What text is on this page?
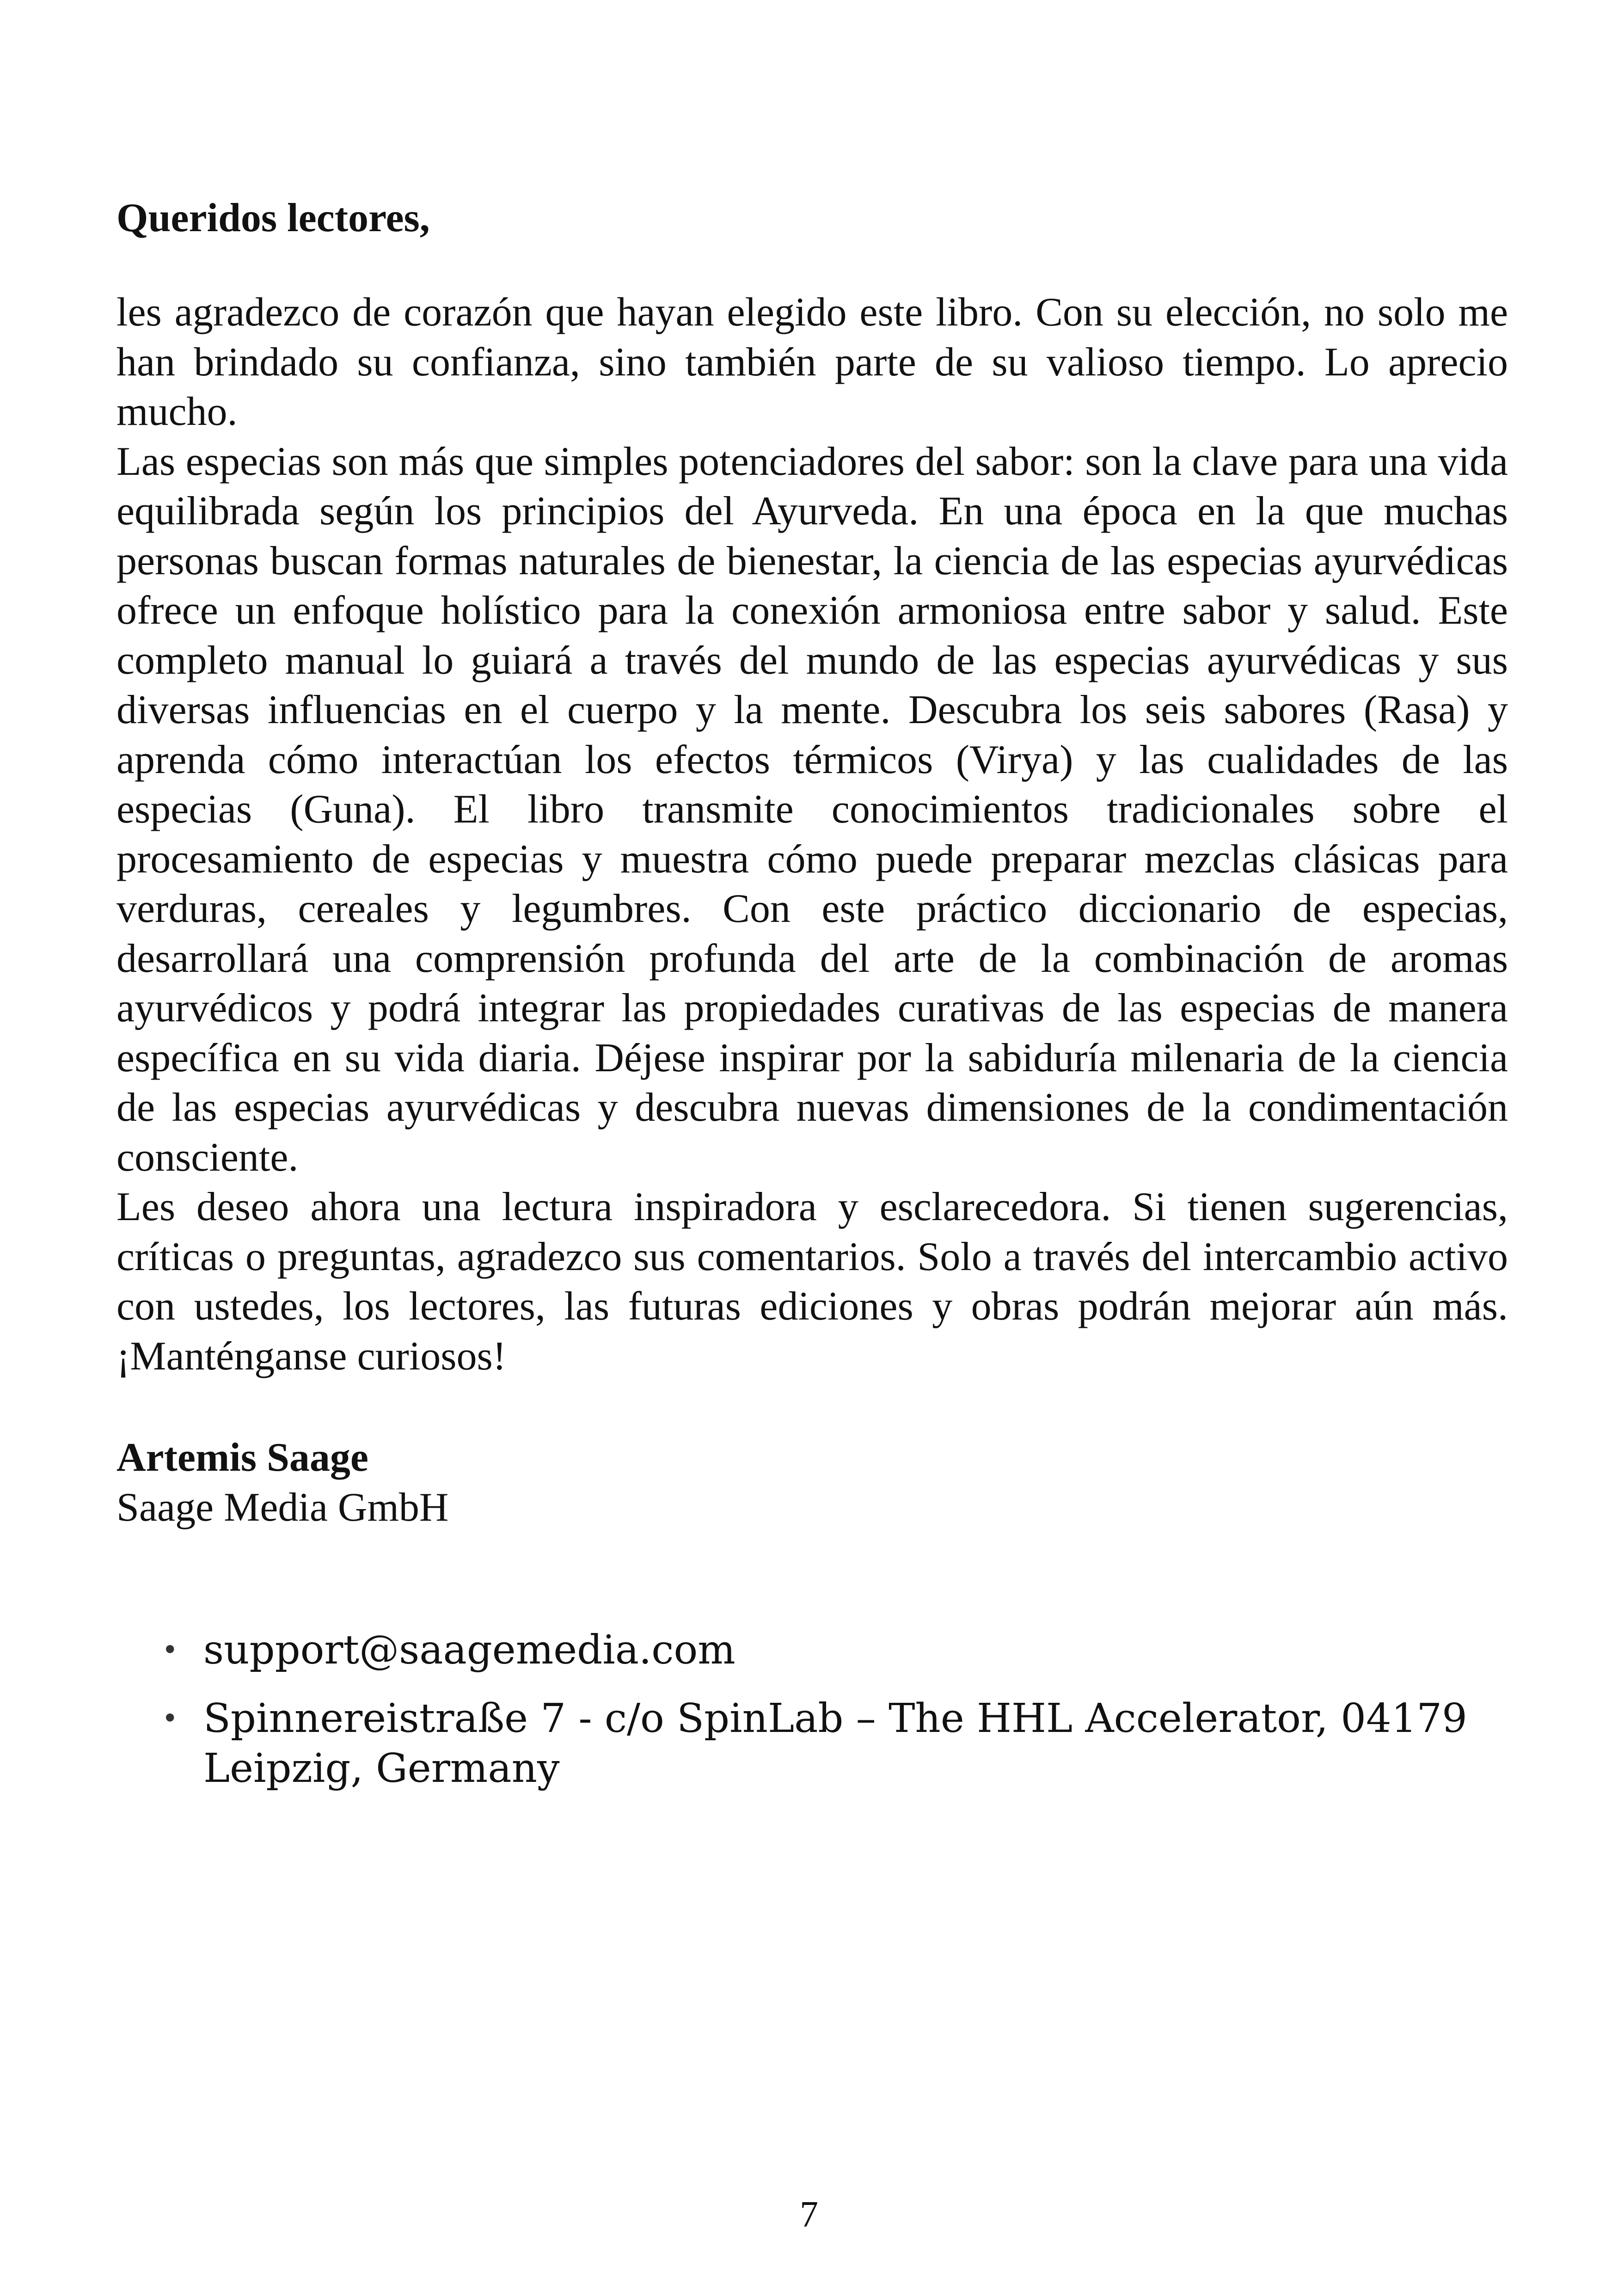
Queridos lectores,

les agradezco de corazón que hayan elegido este libro. Con su elección, no solo me han brindado su confianza, sino también parte de su valioso tiempo. Lo aprecio mucho.

Las especias son más que simples potenciadores del sabor: son la clave para una vida equilibrada según los principios del Ayurveda. En una época en la que muchas personas buscan formas naturales de bienestar, la ciencia de las especias ayurvédicas ofrece un enfoque holístico para la conexión armoniosa entre sabor y salud. Este completo manual lo guiará a través del mundo de las especias ayurvédicas y sus diversas influencias en el cuerpo y la mente. Descubra los seis sabores (Rasa) y aprenda cómo interactúan los efectos térmicos (Virya) y las cualidades de las especias (Guna). El libro transmite conocimientos tradicionales sobre el procesamiento de especias y muestra cómo puede preparar mezclas clásicas para verduras, cereales y legumbres. Con este práctico diccionario de especias, desarrollará una comprensión profunda del arte de la combinación de aromas ayurvédicos y podrá integrar las propiedades curativas de las especias de manera específica en su vida diaria. Déjese inspirar por la sabiduría milenaria de la ciencia de las especias ayurvédicas y descubra nuevas dimensiones de la condimentación consciente.

Les deseo ahora una lectura inspiradora y esclarecedora. Si tienen sugerencias, críticas o preguntas, agradezco sus comentarios. Solo a través del intercambio activo con ustedes, los lectores, las futuras ediciones y obras podrán mejorar aún más. ¡Manténganse curiosos!

Artemis Saage

Saage Media GmbH

• support@saagemedia.com
• Spinnereistraße 7 - c/o SpinLab – The HHL Accelerator, 04179 Leipzig, Germany
7
